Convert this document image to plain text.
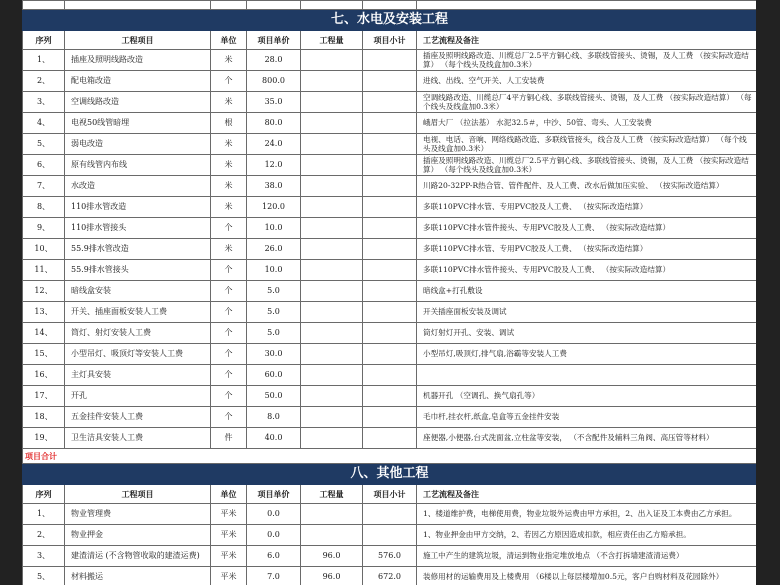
七、水电及安装工程						
序列	工程项目	单位	项目单价	工程量	项目小计	工艺流程及备注
1、	插座及照明线路改造	米	28.0			插座及照明线路改造、川缆总厂2.5平方铜心线、多联线管接头、烫锡，及人工费 （按实际改造结算） （每个线头及线盒加0.3米）
2、	配电箱改造	个	800.0			进线、出线、空气开关、人工安装费
3、	空调线路改造	米	35.0			空调线路改造、川缆总厂4平方铜心线、多联线管接头、烫锡，及人工费 （按实际改造结算） （每个线头及线盒加0.3米）
4、	电视50线管暗埋	根	80.0			峨眉大厂 （拉法基） 水泥32.5＃，中沙、50管、弯头、人工安装费
5、	弱电改造	米	24.0			电视、电话、音响、网络线路改造、多联线管接头，线合及人工费 （按实际改造结算） （每个线头及线盒加0.3米）
6、	原有线管内布线	米	12.0			插座及照明线路改造、川缆总厂2.5平方铜心线、多联线管接头、烫锡，及人工费 （按实际改造结算） （每个线头及线盒加0.3米）
7、	水改造	米	38.0			川路20-32PP-R热合管、管件配件、及人工费、改水后做加压实验、 （按实际改造结算）
8、	110排水管改造	米	120.0			多联110PVC排水管、专用PVC胶及人工费、 （按实际改造结算）
9、	110排水管接头	个	10.0			多联110PVC排水管件接头、专用PVC胶及人工费、 （按实际改造结算）
10、	55.9排水管改造	米	26.0			多联110PVC排水管、专用PVC胶及人工费、 （按实际改造结算）
11、	55.9排水管接头	个	10.0			多联110PVC排水管件接头、专用PVC胶及人工费、 （按实际改造结算）
12、	暗线盒安装	个	5.0			暗线盒+打孔敷设
13、	开关、插座面板安装人工费	个	5.0			开关插座面板安装及调试
14、	筒灯、射灯安装人工费	个	5.0			筒灯射灯开孔、安装、调试
15、	小型吊灯、吸顶灯等安装人工费	个	30.0			小型吊灯,吸顶灯,排气扇,浴霸等安装人工费
16、	主灯具安装	个	60.0			
17、	开孔	个	50.0			机器开孔 （空调孔、换气扇孔等）
18、	五金挂件安装人工费	个	8.0			毛巾杆,挂衣杆,纸盒,皂盒等五金挂件安装
19、	卫生洁具安装人工费	件	40.0			座便器,小便器,台式洗面盆,立柱盆等安装， （不含配件及辅料三角阀、高压管等材料）
项目合计						
八、其他工程						
序列	工程项目	单位	项目单价	工程量	项目小计	工艺流程及备注
1、	物业管理费	平米	0.0			1、楼道维护费，电梯使用费，物业垃圾外运费由甲方承担，2、出入证及工本费由乙方承担。
2、	物业押金	平米	0.0			1、物业押金由甲方交纳，2、若因乙方原因造成扣款，相应责任由乙方赔承担。
3、	建渣清运 (不含物管收取的建渣运费)	平米	6.0	96.0	576.0	施工中产生的建筑垃圾，清运到物业指定堆放地点 （不含打拆墙建渣清运费）
5、	材料搬运	平米	7.0	96.0	672.0	装修用材的运输费用及上楼费用 （6楼以上每层楼增加0.5元，客户自购材料及花园除外）
